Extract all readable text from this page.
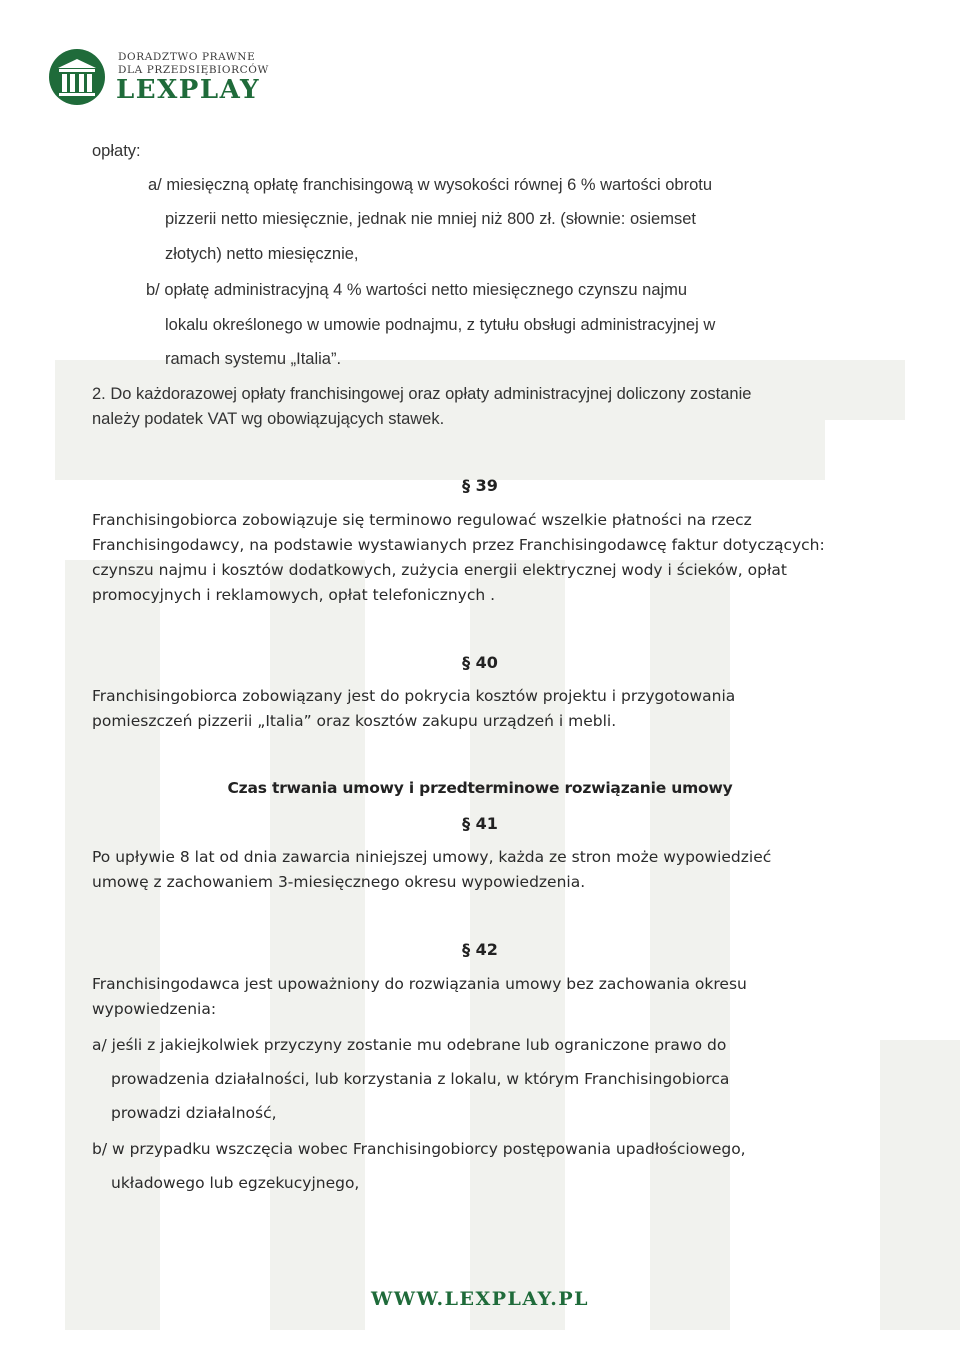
DORADZTWO PRAWNE
DLA PRZEDSIĘBIORCÓW
LEXPLAY
opłaty:
a/ miesięczną opłatę franchisingową w wysokości równej 6 % wartości obrotu
pizzerii netto miesięcznie, jednak nie mniej niż 800 zł. (słownie: osiemset
złotych) netto miesięcznie,
b/ opłatę administracyjną 4 % wartości netto miesięcznego czynszu najmu
lokalu określonego w umowie podnajmu, z tytułu obsługi administracyjnej w
ramach systemu „Italia”.
2. Do każdorazowej opłaty franchisingowej oraz opłaty administracyjnej doliczony zostanie
należy podatek VAT wg obowiązujących stawek.
§ 39
Franchisingobiorca zobowiązuje się terminowo regulować wszelkie płatności na rzecz
Franchisingodawcy, na podstawie wystawianych przez Franchisingodawcę faktur dotyczących:
czynszu najmu i kosztów dodatkowych, zużycia energii elektrycznej wody i ścieków, opłat
promocyjnych i reklamowych, opłat telefonicznych .
§ 40
Franchisingobiorca zobowiązany jest do pokrycia kosztów projektu i przygotowania
pomieszczeń pizzerii „Italia” oraz kosztów zakupu urządzeń i mebli.
Czas trwania umowy i przedterminowe rozwiązanie umowy
§ 41
Po upływie 8 lat od dnia zawarcia niniejszej umowy, każda ze stron może wypowiedzieć
umowę z zachowaniem 3-miesięcznego okresu wypowiedzenia.
§ 42
Franchisingodawca jest upoważniony do rozwiązania umowy bez zachowania okresu
wypowiedzenia:
a/ jeśli z jakiejkolwiek przyczyny zostanie mu odebrane lub ograniczone prawo do
prowadzenia działalności, lub korzystania z lokalu, w którym Franchisingobiorca
prowadzi działalność,
b/ w przypadku wszczęcia wobec Franchisingobiorcy postępowania upadłościowego,
układowego lub egzekucyjnego,
WWW.LEXPLAY.PL
